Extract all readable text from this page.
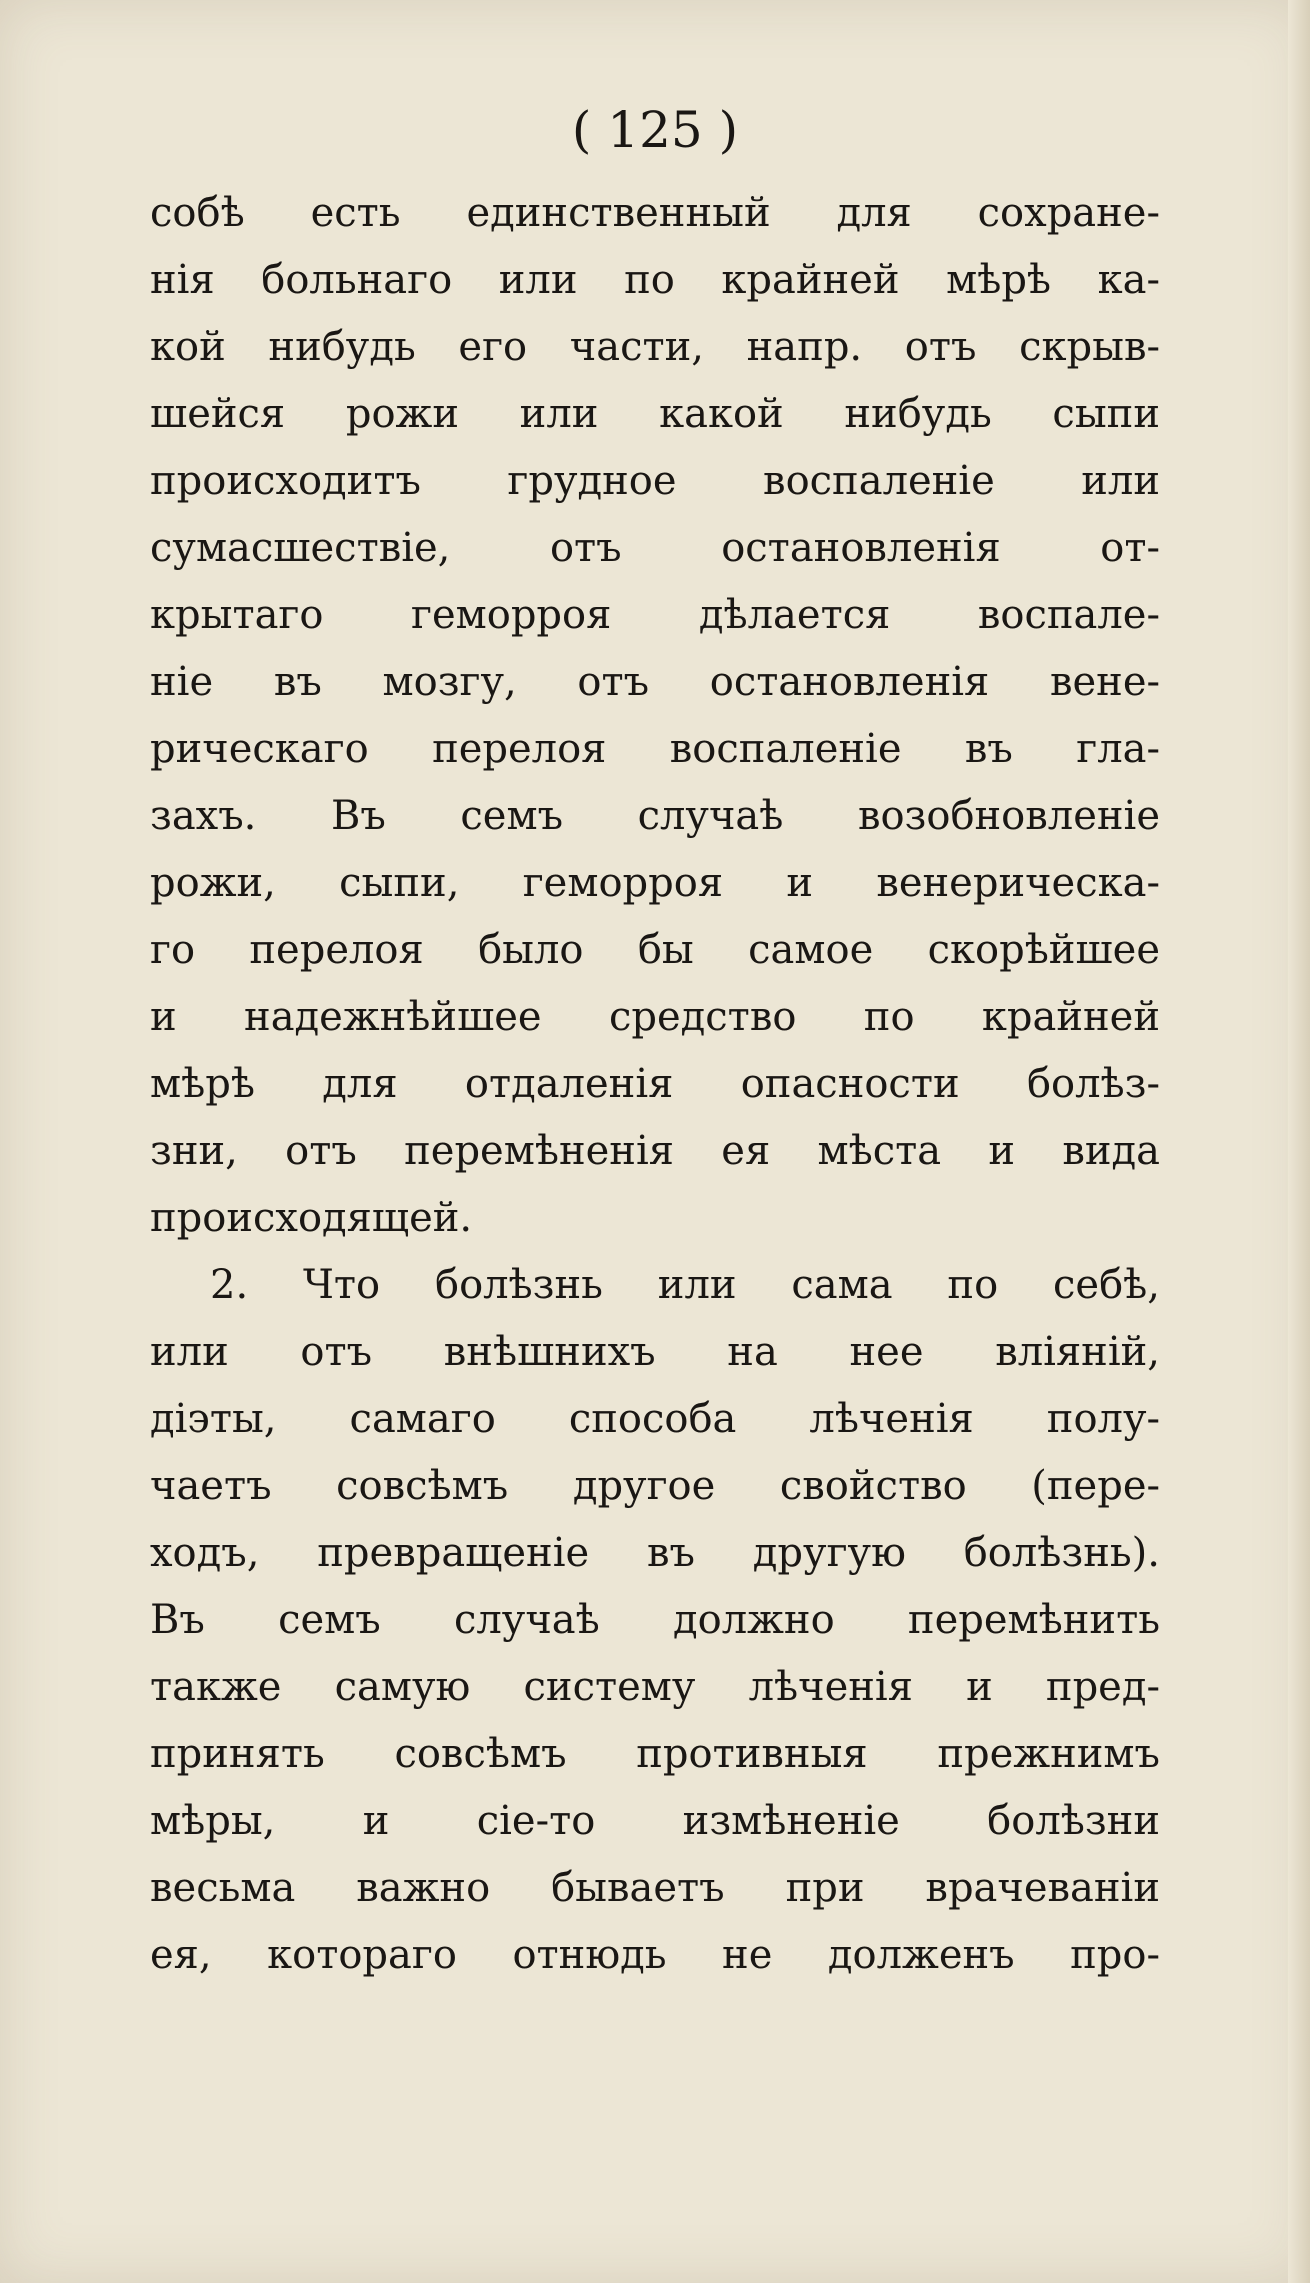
( 125 )
собѣ есть единственный для сохране-
нія больнаго или по крайней мѣрѣ ка-
кой нибудь его части, напр. отъ скрыв-
шейся рожи или какой нибудь сыпи
происходитъ грудное воспаленіе или
сумасшествіе, отъ остановленія от-
крытаго геморроя дѣлается воспале-
ніе въ мозгу, отъ остановленія вене-
рическаго перелоя воспаленіе въ гла-
захъ. Въ семъ случаѣ возобновленіе
рожи, сыпи, геморроя и венерическа-
го перелоя было бы самое скорѣйшее
и надежнѣйшее средство по крайней
мѣрѣ для отдаленія опасности болѣз-
зни, отъ перемѣненія ея мѣста и вида
происходящей.
2. Что болѣзнь или сама по себѣ,
или отъ внѣшнихъ на нее вліяній,
діэты, самаго способа лѣченія полу-
чаетъ совсѣмъ другое свойство (пере-
ходъ, превращеніе въ другую болѣзнь).
Въ семъ случаѣ должно перемѣнить
также самую систему лѣченія и пред-
принять совсѣмъ противныя прежнимъ
мѣры, и сіе-то измѣненіе болѣзни
весьма важно бываетъ при врачеваніи
ея, котораго отнюдь не долженъ про-
